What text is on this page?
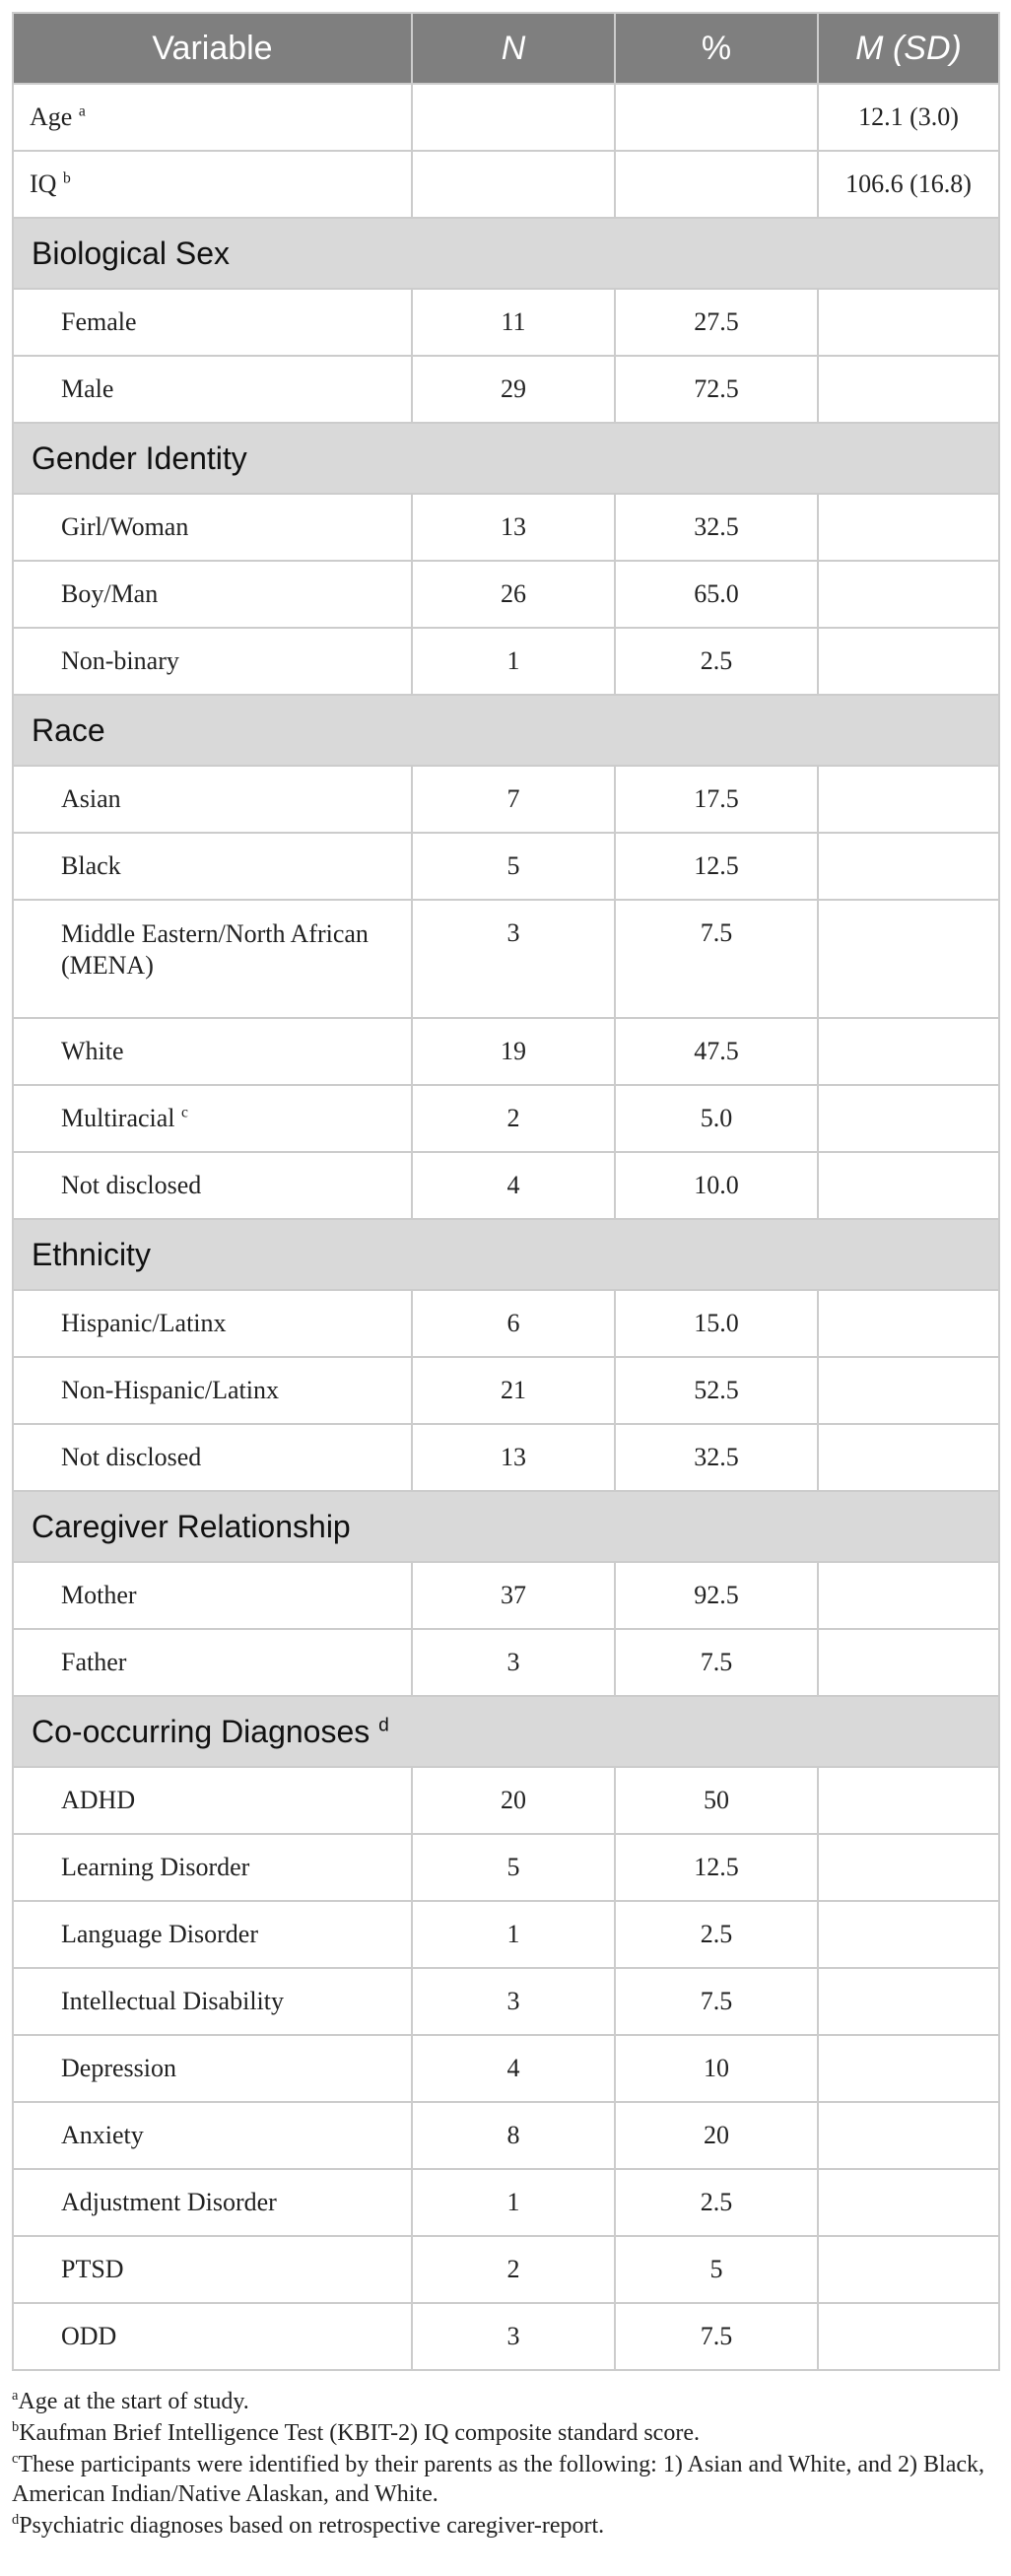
Variable	N	%	M (SD)
Age $^a$			12.1 (3.0)
IQ $^b$			106.6 (16.8)
Biological Sex			
Female	11	27.5	
Male	29	72.5	
Gender Identity			
Girl/Woman	13	32.5	
Boy/Man	26	65.0	
Non-binary	1	2.5	
Race			
Asian	7	17.5	
Black	5	12.5	
Middle Eastern/North African (MENA)	3	7.5	
White	19	47.5	
Multiracial $^c$	2	5.0	
Not disclosed	4	10.0	
Ethnicity			
Hispanic/Latinx	6	15.0	
Non-Hispanic/Latinx	21	52.5	
Not disclosed	13	32.5	
Caregiver Relationship			
Mother	37	92.5	
Father	3	7.5	
Co-occurring Diagnoses $^d$
ADHD	20	50	
Learning Disorder	5	12.5	
Language Disorder	1	2.5	
Intellectual Disability	3	7.5	
Depression	4	10	
Anxiety	8	20	
Adjustment Disorder	1	2.5	
PTSD	2	5	
ODD	3	7.5	
$^a$Age at the start of study.
$^b$Kaufman Brief Intelligence Test (KBIT-2) IQ composite standard score.
$^c$These participants were identified by their parents as the following: 1) Asian and White, and 2) Black, American Indian/Native Alaskan, and White.
$^d$Psychiatric diagnoses based on retrospective caregiver-report.
